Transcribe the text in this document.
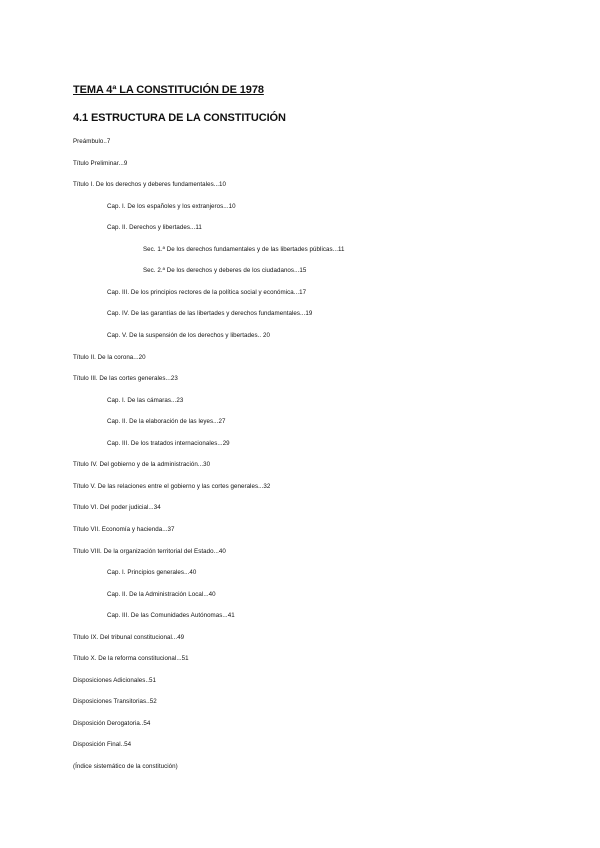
TEMA 4ª LA CONSTITUCIÓN DE 1978
4.1 ESTRUCTURA DE LA CONSTITUCIÓN
Preámbulo..7
Título Preliminar...9
Título I. De los derechos y deberes fundamentales...10
Cap. I. De los españoles y los extranjeros...10
Cap. II. Derechos y libertades...11
Sec. 1.ª De los derechos fundamentales y de las libertades públicas...11
Sec. 2.ª De los derechos y deberes de los ciudadanos...15
Cap. III. De los principios rectores de la política social y económica...17
Cap. IV. De las garantías de las libertades y derechos fundamentales...19
Cap. V. De la suspensión de los derechos y libertades.. 20
Título II. De la corona...20
Título III. De las cortes generales...23
Cap. I. De las cámaras...23
Cap. II. De la elaboración de las leyes...27
Cap. III. De los tratados internacionales...29
Título IV. Del gobierno y de la administración...30
Título V. De las relaciones entre el gobierno y las cortes generales...32
Título VI. Del poder judicial...34
Título VII. Economía y hacienda...37
Título VIII. De la organización territorial del Estado...40
Cap. I. Principios generales...40
Cap. II. De la Administración Local...40
Cap. III. De las Comunidades Autónomas...41
Título IX. Del tribunal constitucional...49
Título X. De la reforma constitucional...51
Disposiciones Adicionales..51
Disposiciones Transitorias..52
Disposición Derogatoria..54
Disposición Final..54
(Índice sistemático de la constitución)
